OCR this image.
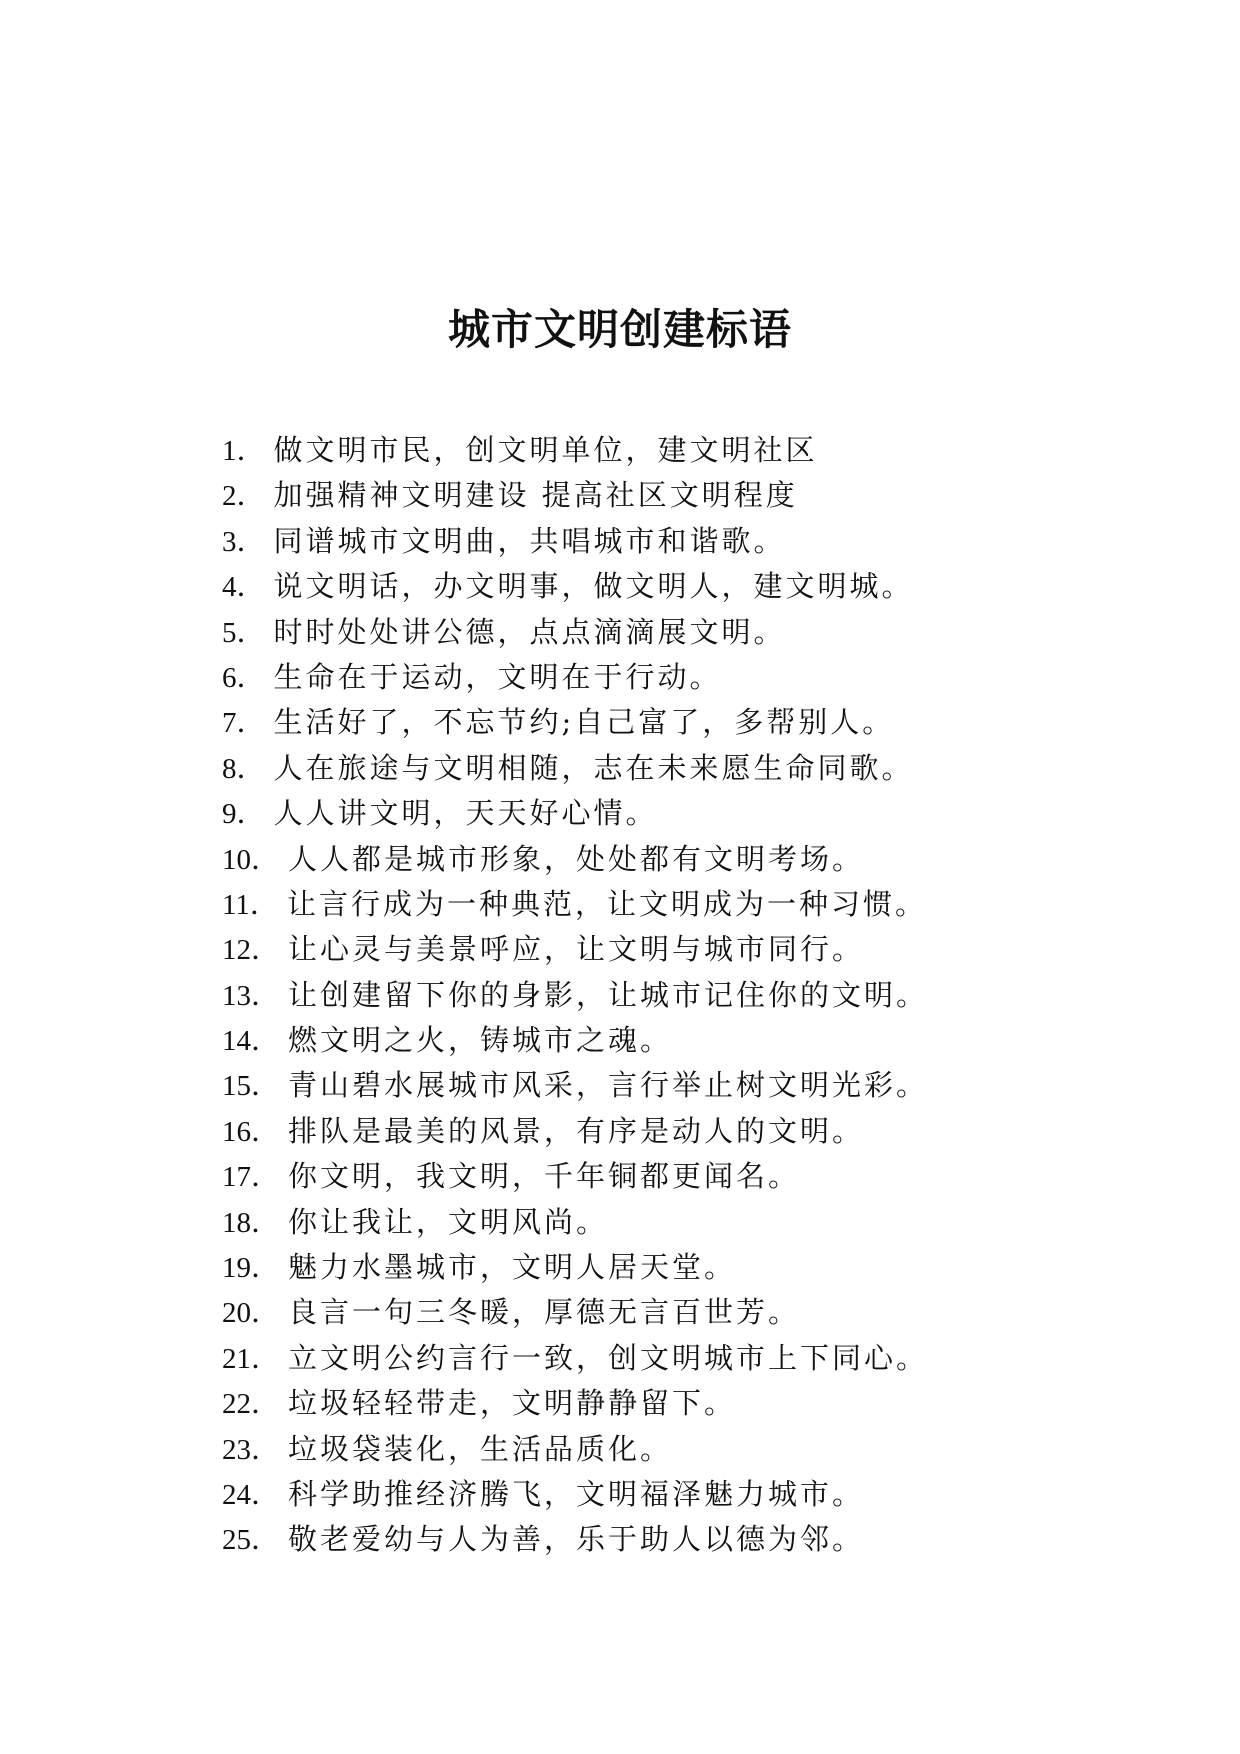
城市文明创建标语
1． 做文明市民，创文明单位，建文明社区
2． 加强精神文明建设 提高社区文明程度
3． 同谱城市文明曲，共唱城市和谐歌。
4． 说文明话，办文明事，做文明人，建文明城。
5． 时时处处讲公德，点点滴滴展文明。
6． 生命在于运动，文明在于行动。
7． 生活好了，不忘节约;自己富了，多帮别人。
8． 人在旅途与文明相随，志在未来愿生命同歌。
9． 人人讲文明，天天好心情。
10． 人人都是城市形象，处处都有文明考场。
11． 让言行成为一种典范，让文明成为一种习惯。
12． 让心灵与美景呼应，让文明与城市同行。
13． 让创建留下你的身影，让城市记住你的文明。
14． 燃文明之火，铸城市之魂。
15． 青山碧水展城市风采，言行举止树文明光彩。
16． 排队是最美的风景，有序是动人的文明。
17． 你文明，我文明，千年铜都更闻名。
18． 你让我让，文明风尚。
19． 魅力水墨城市，文明人居天堂。
20． 良言一句三冬暖，厚德无言百世芳。
21． 立文明公约言行一致，创文明城市上下同心。
22． 垃圾轻轻带走，文明静静留下。
23． 垃圾袋装化，生活品质化。
24． 科学助推经济腾飞，文明福泽魅力城市。
25． 敬老爱幼与人为善，乐于助人以德为邻。
